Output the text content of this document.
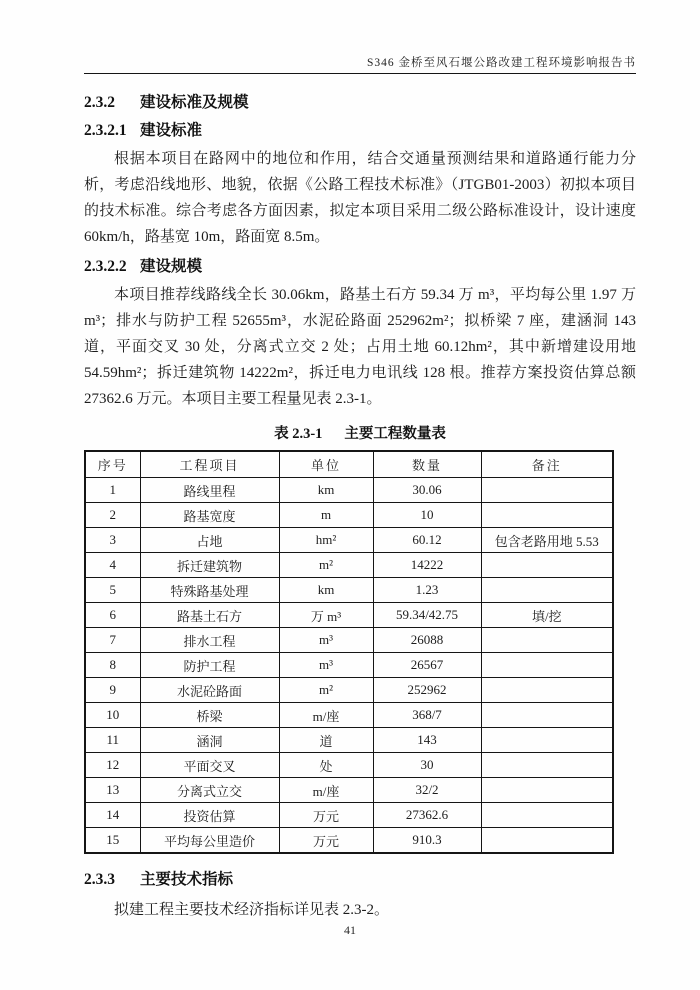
S346 金桥至风石堰公路改建工程环境影响报告书
2.3.2 建设标准及规模
2.3.2.1 建设标准

根据本项目在路网中的地位和作用，结合交通量预测结果和道路通行能力分析，考虑沿线地形、地貌，依据《公路工程技术标准》（JTGB01-2003）初拟本项目的技术标准。综合考虑各方面因素，拟定本项目采用二级公路标准设计，设计速度 60km/h，路基宽 10m，路面宽 8.5m。

2.3.2.2 建设规模

本项目推荐线路线全长 30.06km，路基土石方 59.34 万 m³，平均每公里 1.97 万 m³；排水与防护工程 52655m³，水泥砼路面 252962m²；拟桥梁 7 座，建涵洞 143 道，平面交叉 30 处，分离式立交 2 处；占用土地 60.12hm²，其中新增建设用地 54.59hm²；拆迁建筑物 14222m²，拆迁电力电讯线 128 根。推荐方案投资估算总额 27362.6 万元。本项目主要工程量见表 2.3-1。

表 2.3-1 主要工程数量表
序号	工程项目	单位	数量	备注
1	路线里程	km	30.06	
2	路基宽度	m	10	
3	占地	hm²	60.12	包含老路用地 5.53
4	拆迁建筑物	m²	14222	
5	特殊路基处理	km	1.23	
6	路基土石方	万 m³	59.34/42.75	填/挖
7	排水工程	m³	26088	
8	防护工程	m³	26567	
9	水泥砼路面	m²	252962	
10	桥梁	m/座	368/7	
11	涵洞	道	143	
12	平面交叉	处	30	
13	分离式立交	m/座	32/2	
14	投资估算	万元	27362.6	
15	平均每公里造价	万元	910.3	
2.3.3 主要技术指标

拟建工程主要技术经济指标详见表 2.3-2。

41
